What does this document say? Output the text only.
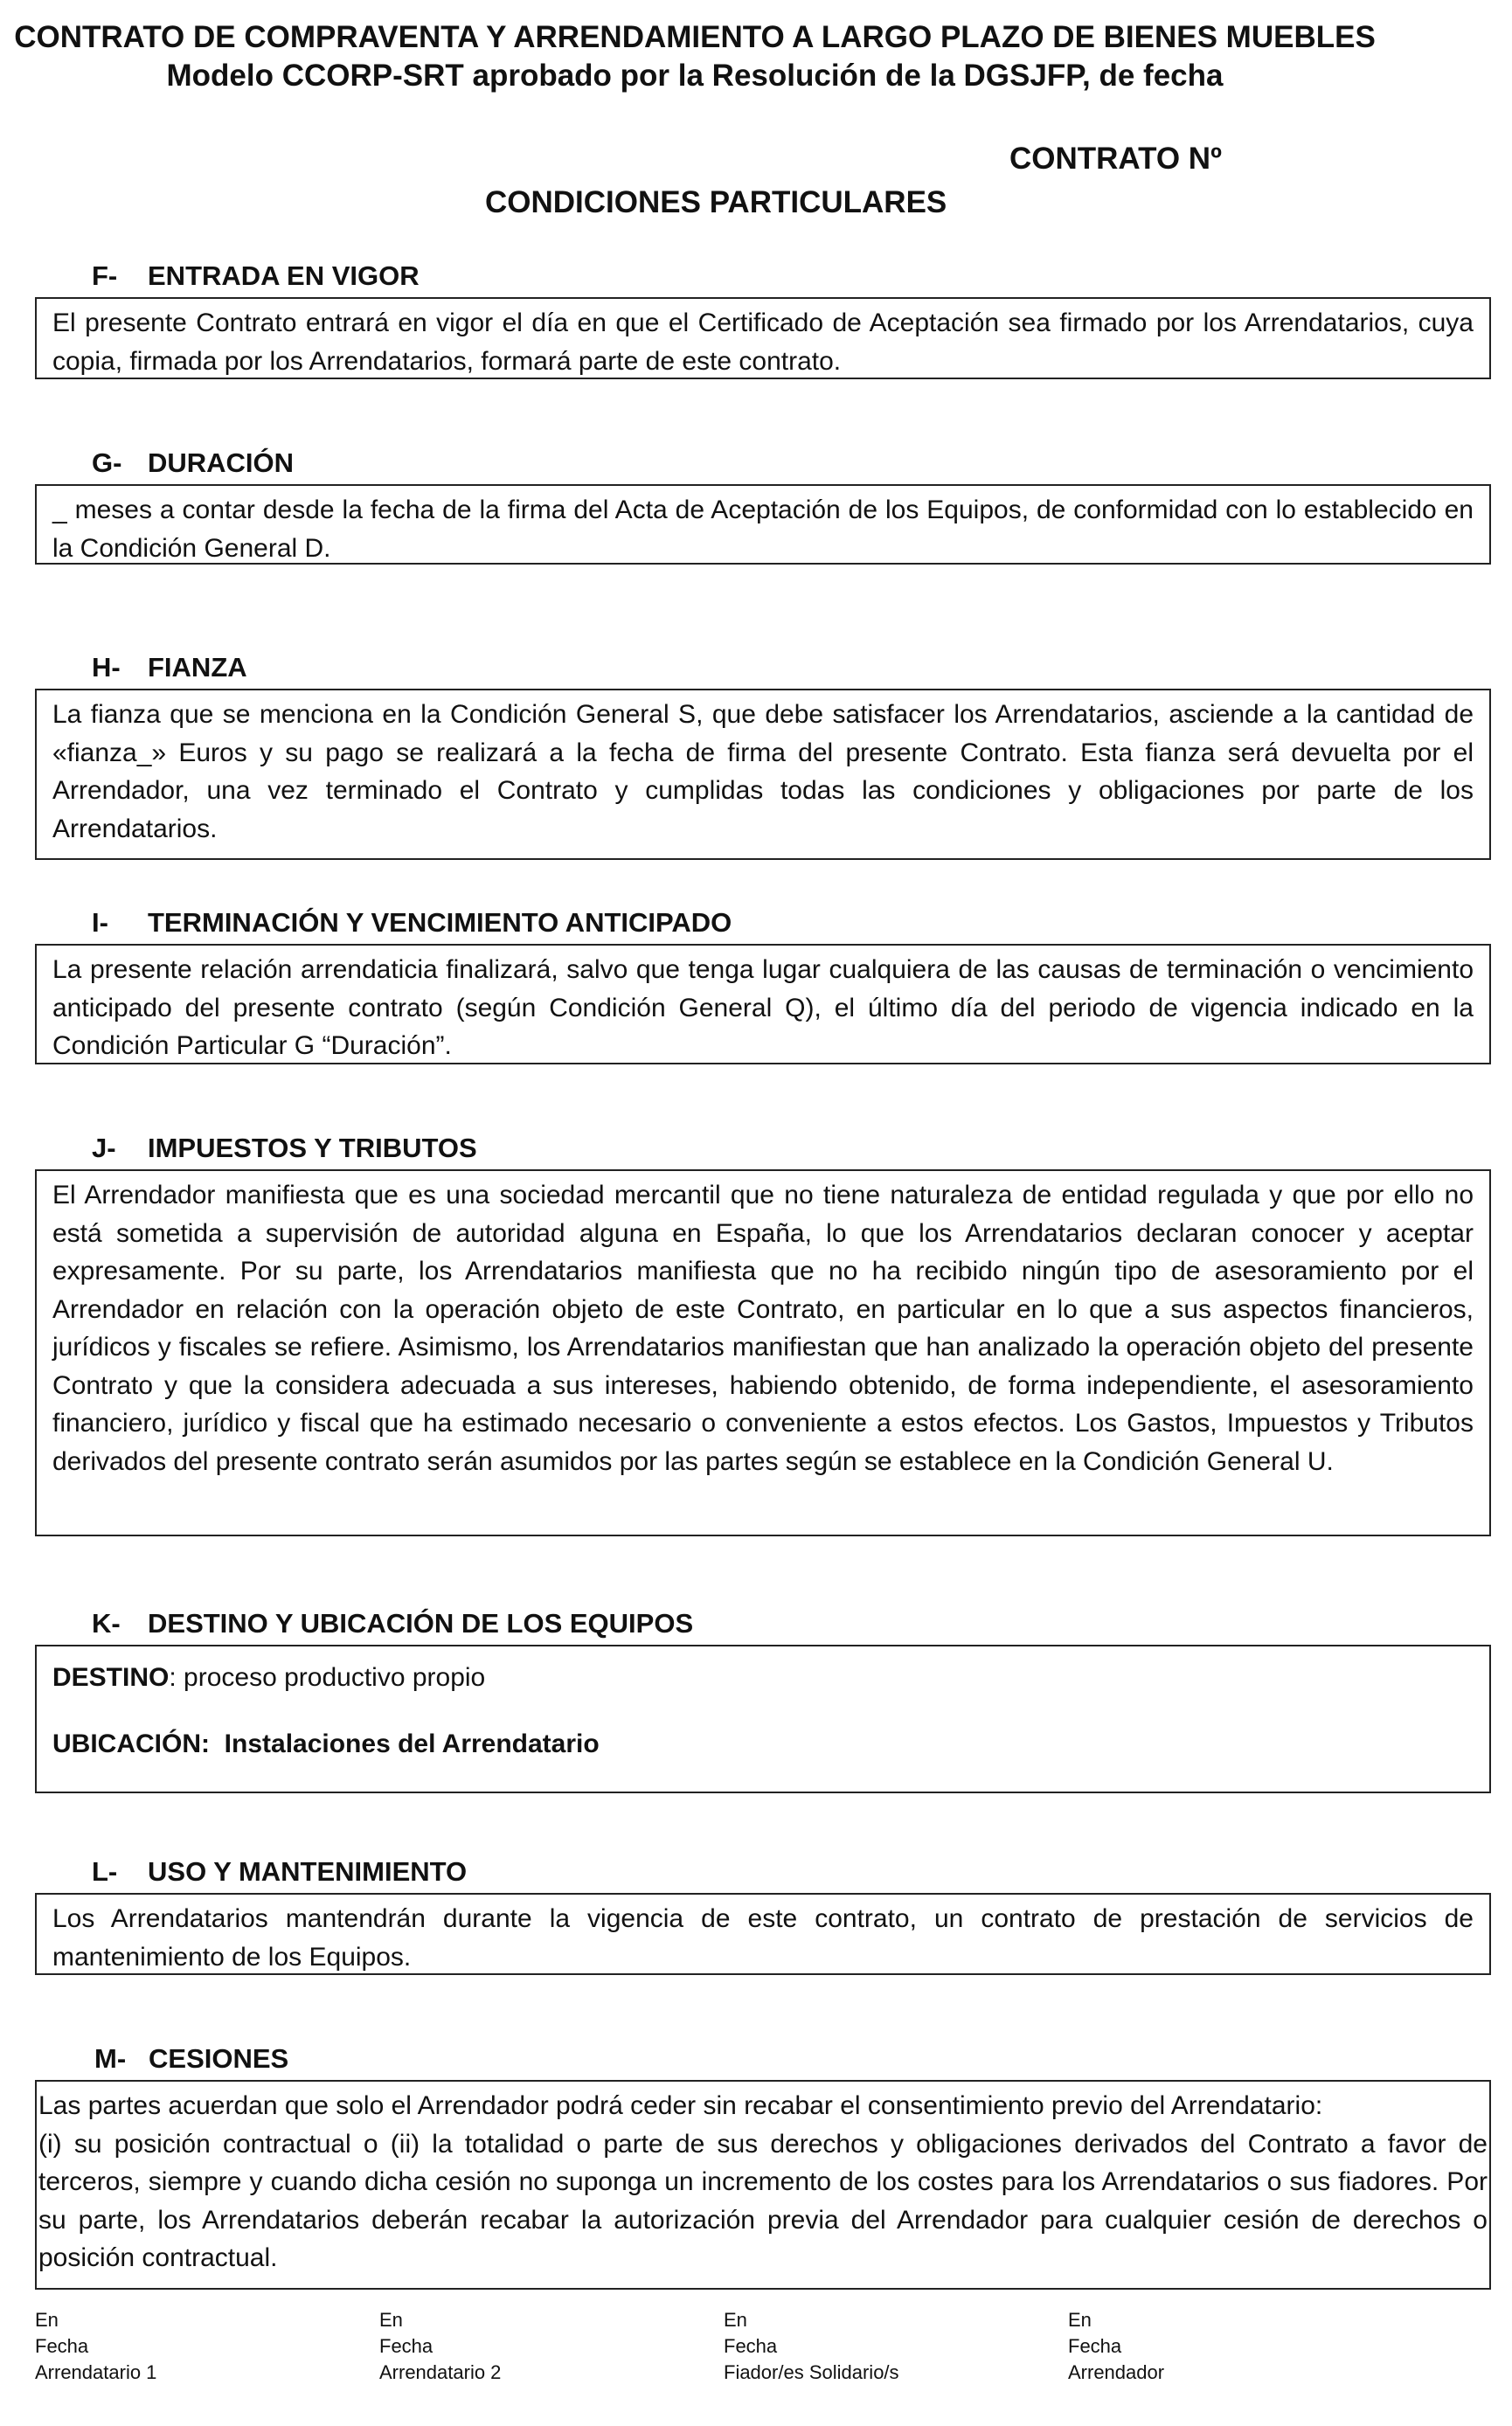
CONTRATO DE COMPRAVENTA Y ARRENDAMIENTO A LARGO PLAZO DE BIENES MUEBLES
Modelo CCORP-SRT aprobado por la Resolución de la DGSJFP, de fecha
CONTRATO Nº
CONDICIONES PARTICULARES
F-	ENTRADA EN VIGOR

El presente Contrato entrará en vigor el día en que el Certificado de Aceptación sea firmado por los Arrendatarios, cuya copia, firmada por los Arrendatarios, formará parte de este contrato.

G- DURACIÓN

_ meses a contar desde la fecha de la firma del Acta de Aceptación de los Equipos, de conformidad con lo establecido en la Condición General D.

H-	FIANZA

La fianza que se menciona en la Condición General S, que debe satisfacer los Arrendatarios, asciende a la cantidad de «fianza_» Euros y su pago se realizará a la fecha de firma del presente Contrato. Esta fianza será devuelta por el Arrendador, una vez terminado el Contrato y cumplidas todas las condiciones y obligaciones por parte de los Arrendatarios.

I-	TERMINACIÓN Y VENCIMIENTO ANTICIPADO

La presente relación arrendaticia finalizará, salvo que tenga lugar cualquiera de las causas de terminación o vencimiento anticipado del presente contrato (según Condición General Q), el último día del periodo de vigencia indicado en la Condición Particular G “Duración”.

J-	IMPUESTOS Y TRIBUTOS

El Arrendador manifiesta que es una sociedad mercantil que no tiene naturaleza de entidad regulada y que por ello no está sometida a supervisión de autoridad alguna en España, lo que los Arrendatarios declaran conocer y aceptar expresamente. Por su parte, los Arrendatarios manifiesta que no ha recibido ningún tipo de asesoramiento por el Arrendador en relación con la operación objeto de este Contrato, en particular en lo que a sus aspectos financieros, jurídicos y fiscales se refiere. Asimismo, los Arrendatarios manifiestan que han analizado la operación objeto del presente Contrato y que la considera adecuada a sus intereses, habiendo obtenido, de forma independiente, el asesoramiento financiero, jurídico y fiscal que ha estimado necesario o conveniente a estos efectos. Los Gastos, Impuestos y Tributos derivados del presente contrato serán asumidos por las partes según se establece en la Condición General U.

K-	DESTINO Y UBICACIÓN DE LOS EQUIPOS

DESTINO: proceso productivo propio

UBICACIÓN: Instalaciones del Arrendatario

L-	USO Y MANTENIMIENTO

Los Arrendatarios mantendrán durante la vigencia de este contrato, un contrato de prestación de servicios de mantenimiento de los Equipos.

M- CESIONES

Las partes acuerdan que solo el Arrendador podrá ceder sin recabar el consentimiento previo del Arrendatario:

(i) su posición contractual o (ii) la totalidad o parte de sus derechos y obligaciones derivados del Contrato a favor de terceros, siempre y cuando dicha cesión no suponga un incremento de los costes para los Arrendatarios o sus fiadores. Por su parte, los Arrendatarios deberán recabar la autorización previa del Arrendador para cualquier cesión de derechos o posición contractual.

En
Fecha
Arrendatario 1
En
Fecha
Arrendatario 2
En
Fecha
Fiador/es Solidario/s
En
Fecha
Arrendador
